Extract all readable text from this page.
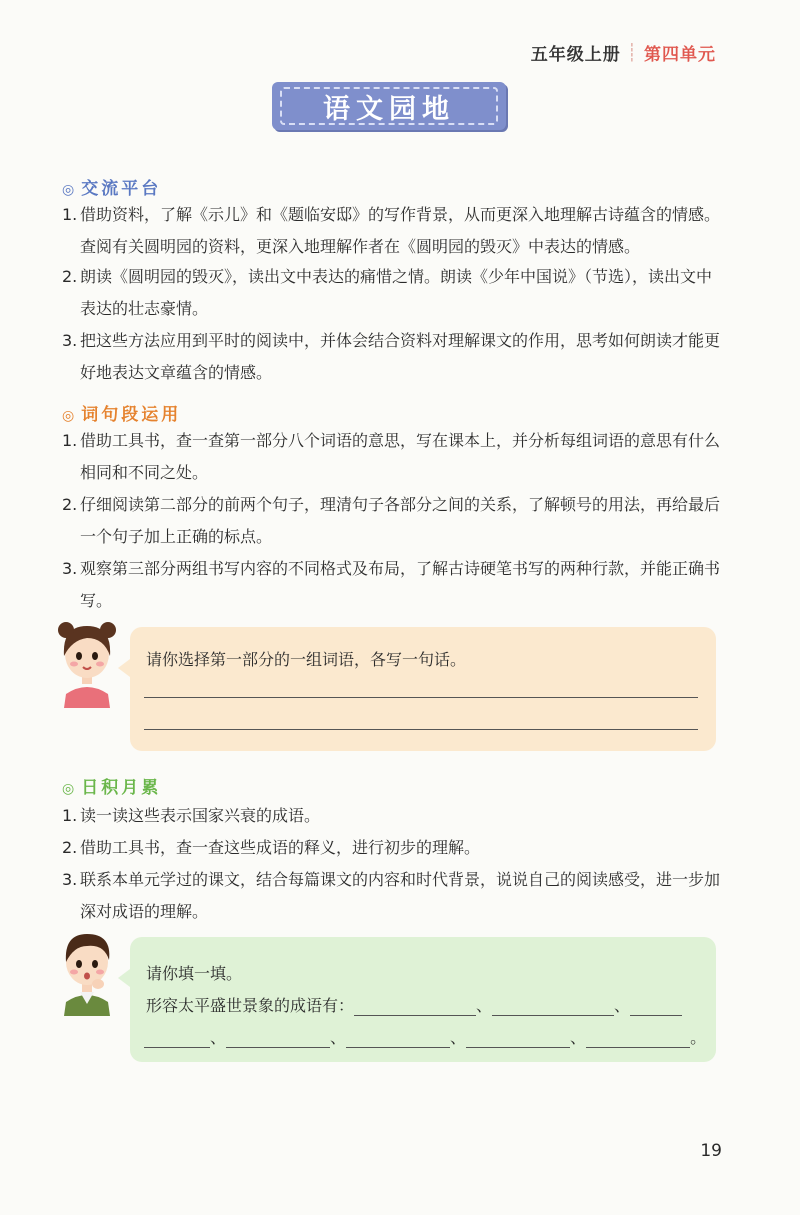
五年级上册 ┊ 第四单元
语文园地
◎ 交流平台
1. 借助资料，了解《示儿》和《题临安邸》的写作背景，从而更深入地理解古诗蕴含的情感。查阅有关圆明园的资料，更深入地理解作者在《圆明园的毁灭》中表达的情感。
2. 朗读《圆明园的毁灭》，读出文中表达的痛惜之情。朗读《少年中国说》（节选），读出文中表达的壮志豪情。
3. 把这些方法应用到平时的阅读中，并体会结合资料对理解课文的作用，思考如何朗读才能更好地表达文章蕴含的情感。
◎ 词句段运用
1. 借助工具书，查一查第一部分八个词语的意思，写在课本上，并分析每组词语的意思有什么相同和不同之处。
2. 仔细阅读第二部分的前两个句子，理清句子各部分之间的关系，了解顿号的用法，再给最后一个句子加上正确的标点。
3. 观察第三部分两组书写内容的不同格式及布局，了解古诗硬笔书写的两种行款，并能正确书写。
请你选择第一部分的一组词语，各写一句话。
◎ 日积月累
1. 读一读这些表示国家兴衰的成语。
2. 借助工具书，查一查这些成语的释义，进行初步的理解。
3. 联系本单元学过的课文，结合每篇课文的内容和时代背景，说说自己的阅读感受，进一步加深对成语的理解。
请你填一填。
形容太平盛世景象的成语有：	、	、
、	、	、	、	。
19
